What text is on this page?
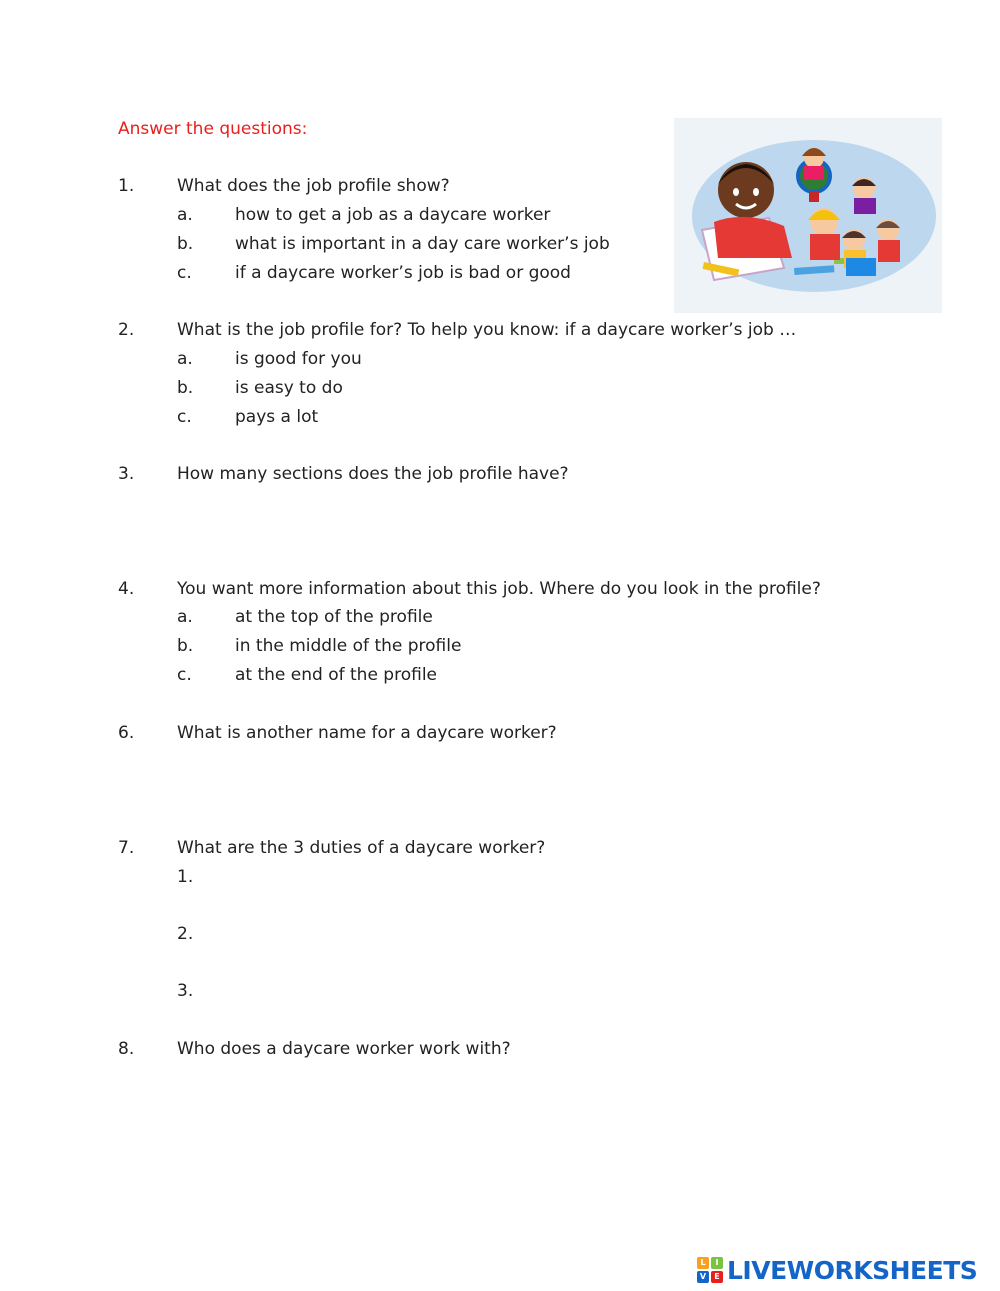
Answer the questions:
1.	What does the job profile show?
a. how to get a job as a daycare worker
b. what is important in a day care worker’s job
c.	if a daycare worker’s job is bad or good
2.	What is the job profile for? To help you know: if a daycare worker’s job …
a. is good for you
b. is easy to do
c.	pays a lot
3.	How many sections does the job profile have?
4.	You want more information about this job. Where do you look in the profile?
a. at the top of the profile
b. in the middle of the profile
c.	at the end of the profile
6.	What is another name for a daycare worker?
7.	What are the 3 duties of a daycare worker?
1.
2.
3.
8.	Who does a daycare worker work with?
L	I
V	E LIVEWORKSHEETS
